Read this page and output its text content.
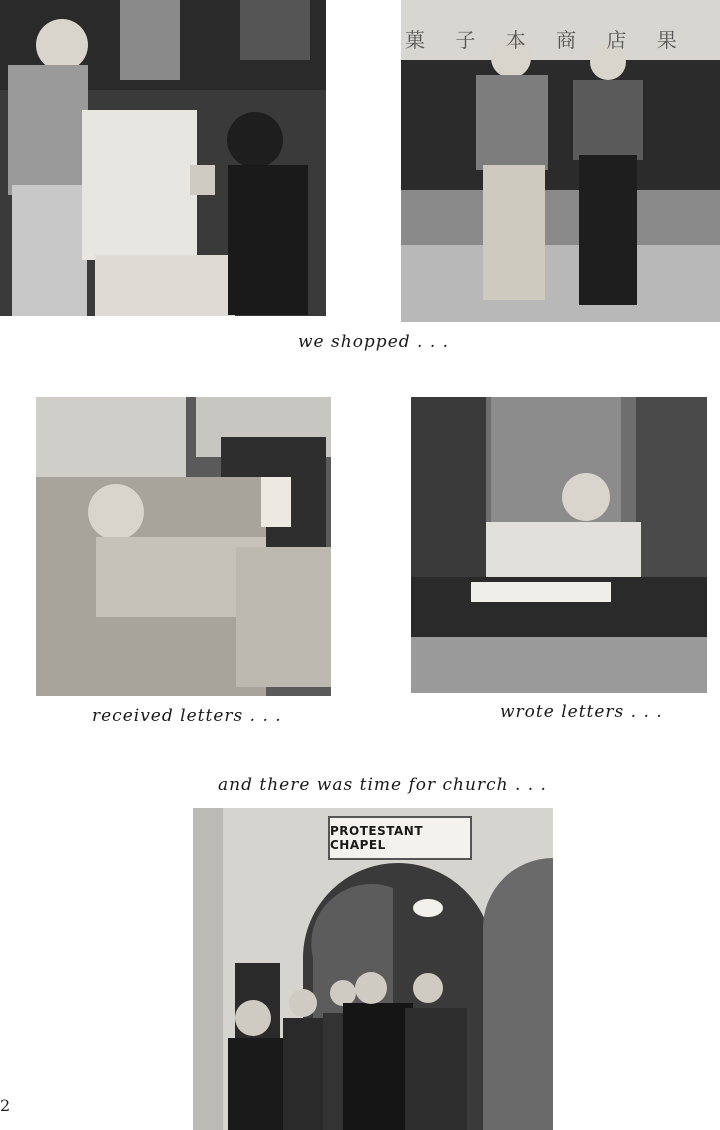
菓 子 本 商 店 果
we shopped . . .
received letters . . .	wrote letters . . .
and there was time for church . . .
PROTESTANT CHAPEL
2
